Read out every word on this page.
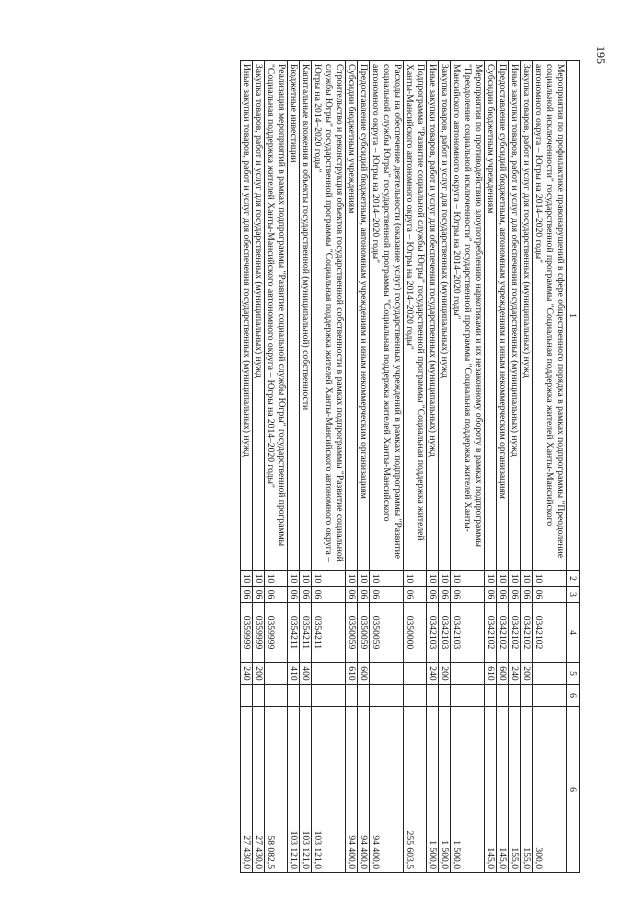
195
1	2	3	4	5	6	6
Мероприятия по профилактике правонарушений в сфере общественного порядка в рамках подпрограммы "Преодоление социальной исключенности" государственной программы "Социальная поддержка жителей Ханты-Мансийского автономного округа – Югры на 2014–2020 годы"	10	06	0342102			300,0
Закупка товаров, работ и услуг для государственных (муниципальных) нужд	10	06	0342102	200		155,0
Иные закупки товаров, работ и услуг для обеспечения государственных (муниципальных) нужд	10	06	0342102	240		155,0
Предоставление субсидий бюджетным, автономным учреждениям и иным некоммерческим организациям	10	06	0342102	600		145,0
Субсидии бюджетным учреждениям	10	06	0342102	610		145,0
Мероприятия по противодействию злоупотреблению наркотиками и их незаконному обороту в рамках подпрограммы "Преодоление социальной исключенности" государственной программы "Социальная поддержка жителей Ханты-Мансийского автономного округа – Югры на 2014–2020 годы"	10	06	0342103			1 500,0
Закупка товаров, работ и услуг для государственных (муниципальных) нужд	10	06	0342103	200		1 500,0
Иные закупки товаров, работ и услуг для обеспечения государственных (муниципальных) нужд	10	06	0342103	240		1 500,0
Подпрограмма "Развитие социальной службы Югры" государственной программы "Социальная поддержка жителей Ханты-Мансийского автономного округа – Югры на 2014–2020 годы"	10	06	0350000			255 603,5
Расходы на обеспечение деятельности (оказание услуг) государственных учреждений в рамках подпрограммы "Развитие социальной службы Югры" государственной программы "Социальная поддержка жителей Ханты-Мансийского автономного округа – Югры на 2014–2020 годы"	10	06	0350059			94 400,0
Предоставление субсидий бюджетным, автономным учреждениям и иным некоммерческим организациям	10	06	0350059	600		94 400,0
Субсидии бюджетным учреждениям	10	06	0350059	610		94 400,0
Строительство и реконструкция объектов государственной собственности в рамках подпрограммы "Развитие социальной службы Югры" государственной программы "Социальная поддержка жителей Ханты-Мансийского автономного округа – Югры на 2014–2020 годы"	10	06	0354211			103 121,0
Капитальные вложения в объекты государственной (муниципальной) собственности	10	06	0354211	400		103 121,0
Бюджетные инвестиции	10	06	0354211	410		103 121,0
Реализация мероприятий в рамках подпрограммы "Развитие социальной службы Югры" государственной программы "Социальная поддержка жителей Ханты-Мансийского автономного округа – Югры на 2014–2020 годы"	10	06	0359999			58 082,5
Закупка товаров, работ и услуг для государственных (муниципальных) нужд	10	06	0359999	200		27 430,0
Иные закупки товаров, работ и услуг для обеспечения государственных (муниципальных) нужд	10	06	0359999	240		27 430,0
